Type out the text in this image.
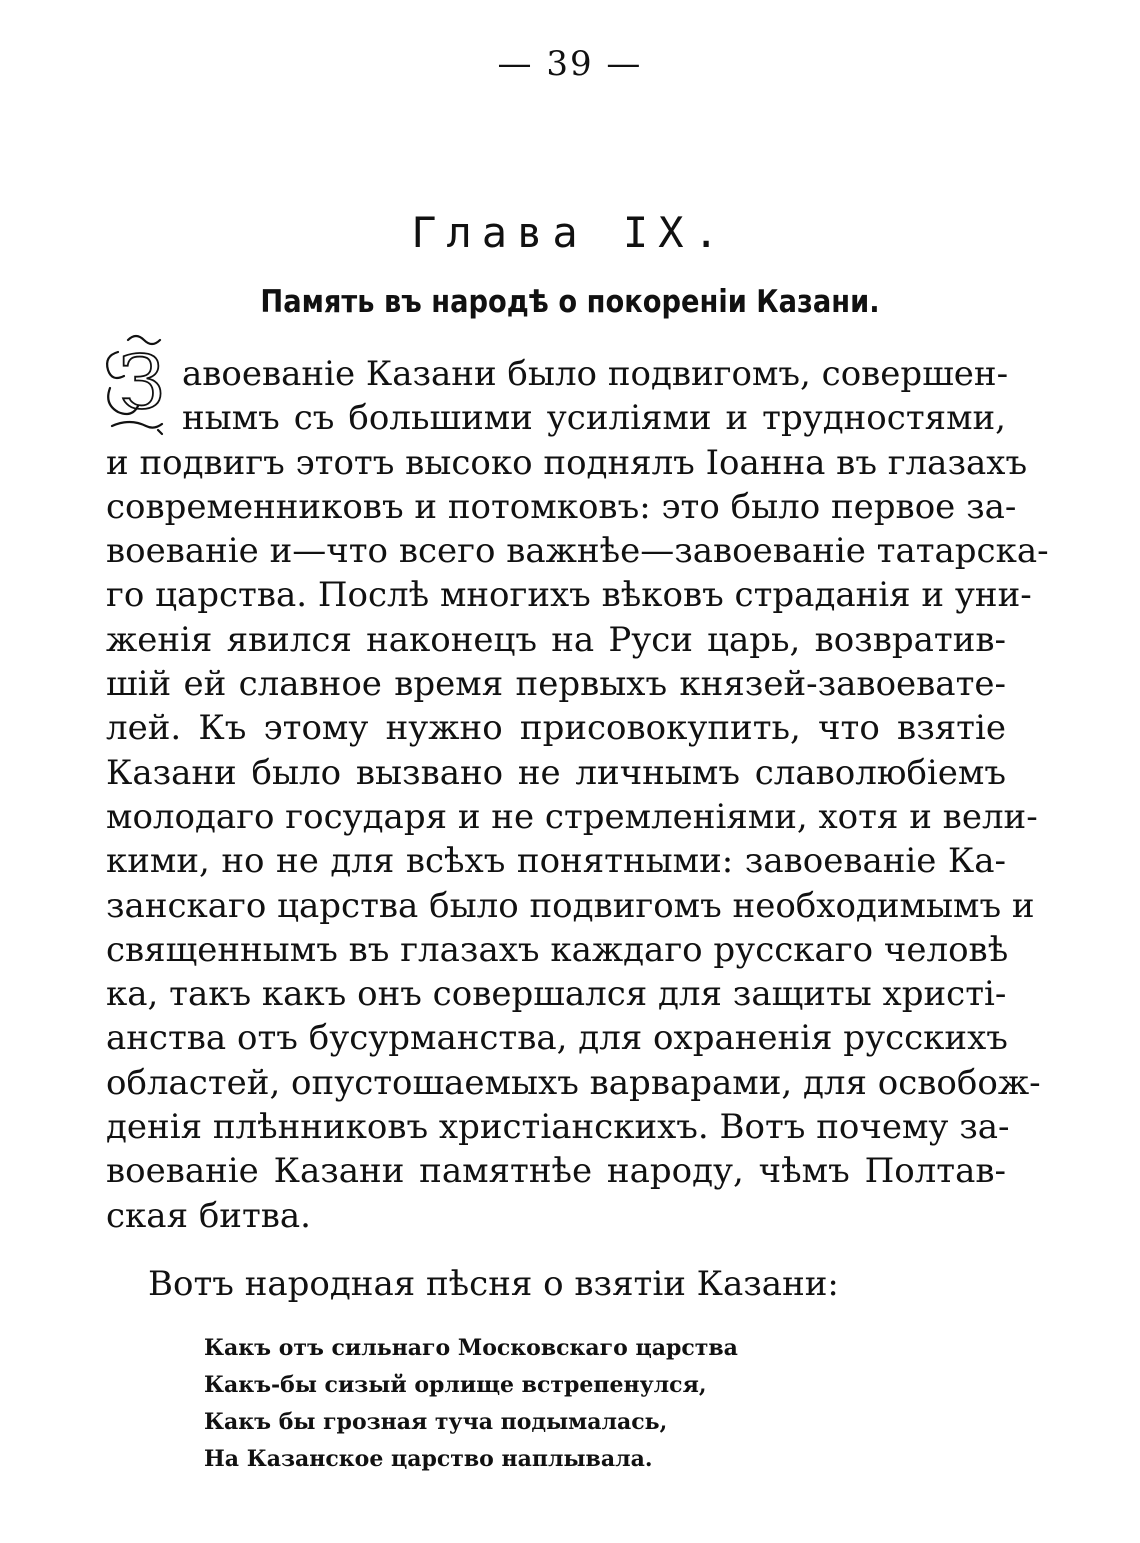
— 39 —
Глава IX.
Память въ народѣ о покореніи Казани.
З авоеваніе Казани было подвигомъ, совершен-
нымъ съ большими усиліями и трудностями,
и подвигъ этотъ высоко поднялъ Іоанна въ глазахъ
современниковъ и потомковъ: это было первое за-
воеваніе и—что всего важнѣе—завоеваніе татарска-
го царства. Послѣ многихъ вѣковъ страданія и уни-
женія явился наконецъ на Руси царь, возвратив-
шій ей славное время первыхъ князей-завоевате-
лей. Къ этому нужно присовокупить, что взятіе
Казани было вызвано не личнымъ славолюбіемъ
молодаго государя и не стремленіями, хотя и вели-
кими, но не для всѣхъ понятными: завоеваніе Ка-
занскаго царства было подвигомъ необходимымъ и
священнымъ въ глазахъ каждаго русскаго человѣ
ка, такъ какъ онъ совершался для защиты христі-
анства отъ бусурманства, для охраненія русскихъ
областей, опустошаемыхъ варварами, для освобож-
денія плѣнниковъ христіанскихъ. Вотъ почему за-
воеваніе Казани памятнѣе народу, чѣмъ Полтав-
ская битва.
Вотъ народная пѣсня о взятіи Казани:
Какъ отъ сильнаго Московскаго царства
Какъ-бы сизый орлище встрепенулся,
Какъ бы грозная туча подымалась,
На Казанское царство наплывала.
